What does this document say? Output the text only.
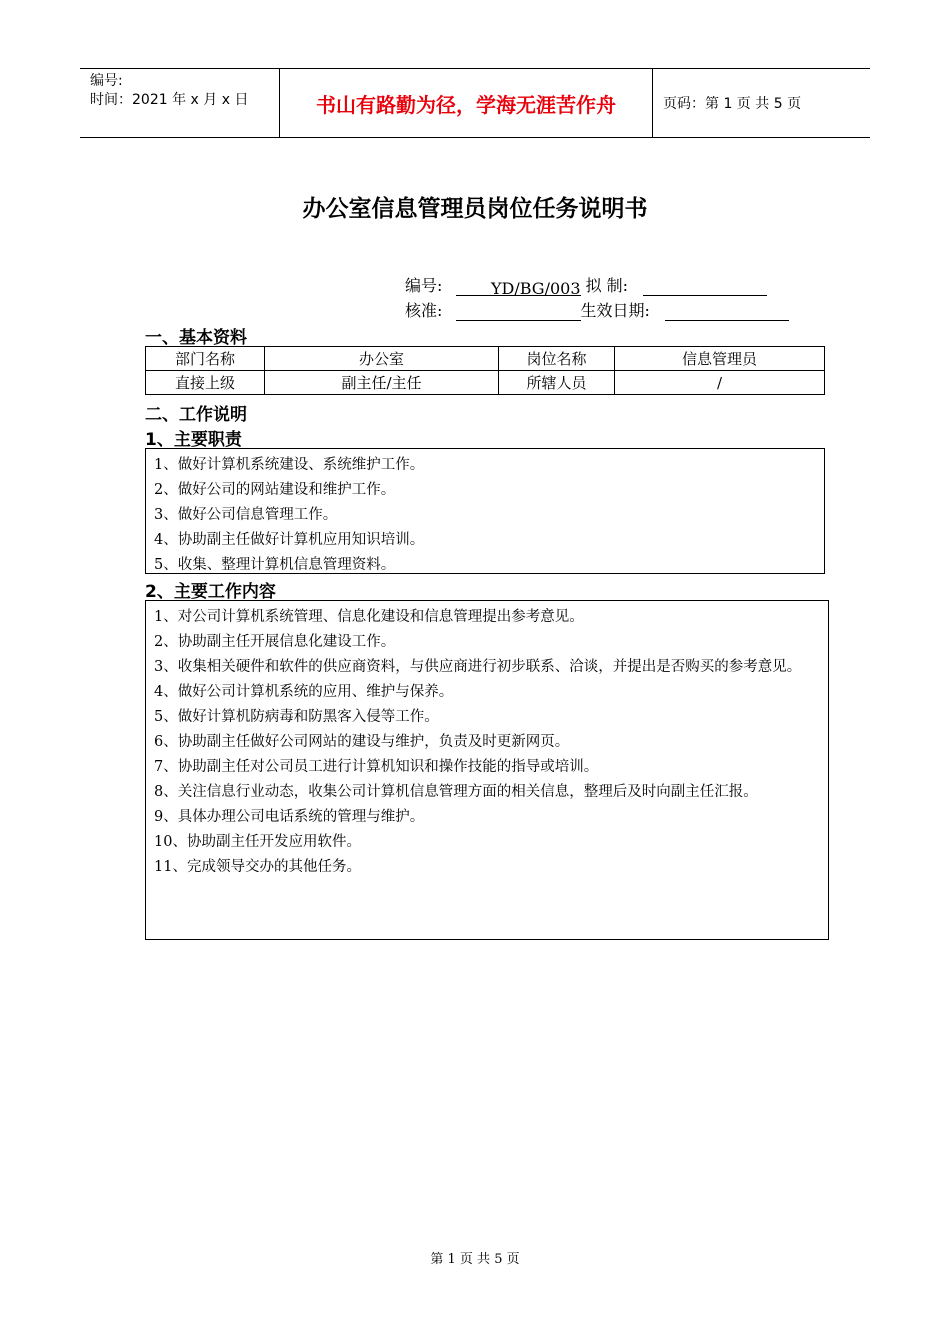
编号:
时间：2021 年 x 月 x 日	书山有路勤为径，学海无涯苦作舟	页码：第 1 页 共 5 页
办公室信息管理员岗位任务说明书
编号:	YD/BG/003 拟 制:
核准:	生效日期:
一、基本资料
部门名称	办公室	岗位名称	信息管理员
直接上级	副主任/主任	所辖人员	/
二、工作说明
1、主要职责
1、做好计算机系统建设、系统维护工作。
2、做好公司的网站建设和维护工作。
3、做好公司信息管理工作。
4、协助副主任做好计算机应用知识培训。
5、收集、整理计算机信息管理资料。
2、主要工作内容
1、对公司计算机系统管理、信息化建设和信息管理提出参考意见。
2、协助副主任开展信息化建设工作。
3、收集相关硬件和软件的供应商资料，与供应商进行初步联系、洽谈，并提出是否购买的参考意见。
4、做好公司计算机系统的应用、维护与保养。
5、做好计算机防病毒和防黑客入侵等工作。
6、协助副主任做好公司网站的建设与维护，负责及时更新网页。
7、协助副主任对公司员工进行计算机知识和操作技能的指导或培训。
8、关注信息行业动态，收集公司计算机信息管理方面的相关信息，整理后及时向副主任汇报。
9、具体办理公司电话系统的管理与维护。
10、协助副主任开发应用软件。
11、完成领导交办的其他任务。
第 1 页 共 5 页
